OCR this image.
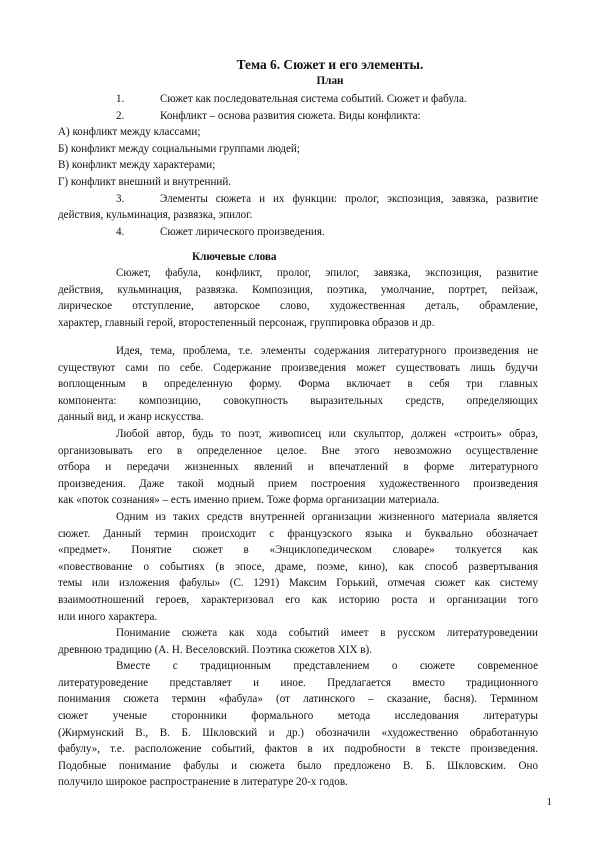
Тема 6. Сюжет и его элементы.
План
1.	Сюжет как последовательная система событий. Сюжет и фабула.
2.	Конфликт – основа развития сюжета. Виды конфликта:
А) конфликт между классами;
Б) конфликт между социальными группами людей;
В) конфликт между характерами;
Г) конфликт внешний и внутренний.
3.	Элементы сюжета и их функции: пролог, экспозиция, завязка, развитие
действия, кульминация, развязка, эпилог.
4.	Сюжет лирического произведения.
Ключевые слова
Сюжет, фабула, конфликт, пролог, эпилог, завязка, экспозиция, развитие
действия, кульминация, развязка. Композиция, поэтика, умолчание, портрет, пейзаж,
лирическое отступление, авторское слово, художественная деталь, обрамление,
характер, главный герой, второстепенный персонаж, группировка образов и др.
Идея, тема, проблема, т.е. элементы содержания литературного произведения не
существуют сами по себе. Содержание произведения может существовать лишь будучи
воплощенным в определенную форму. Форма включает в себя три главных
компонента: композицию, совокупность выразительных средств, определяющих
данный вид, и жанр искусства.
Любой автор, будь то поэт, живописец или скульптор, должен «строить» образ,
организовывать его в определенное целое. Вне этого невозможно осуществление
отбора и передачи жизненных явлений и впечатлений в форме литературного
произведения. Даже такой модный прием построения художественного произведения
как «поток сознания» – есть именно прием. Тоже форма организации материала.
Одним из таких средств внутренней организации жизненного материала является
сюжет. Данный термин происходит с французского языка и буквально обозначает
«предмет». Понятие сюжет в «Энциклопедическом словаре» толкуется как
«повествование о событиях (в эпосе, драме, поэме, кино), как способ развертывания
темы или изложения фабулы» (С. 1291) Максим Горький, отмечая сюжет как систему
взаимоотношений героев, характеризовал его как историю роста и организации того
или иного характера.
Понимание сюжета как хода событий имеет в русском литературоведении
древнюю традицию (А. Н. Веселовский. Поэтика сюжетов XIX в).
Вместе с традиционным представлением о сюжете современное
литературоведение представляет и иное. Предлагается вместо традиционного
понимания сюжета термин «фабула» (от латинского – сказание, басня). Термином
сюжет ученые сторонники формального метода исследования литературы
(Жирмунский В., В. Б. Шкловский и др.) обозначили «художественно обработанную
фабулу», т.е. расположение событий, фактов в их подробности в тексте произведения.
Подобные понимание фабулы и сюжета было предложено В. Б. Шкловским. Оно
получило широкое распространение в литературе 20-х годов.
1
